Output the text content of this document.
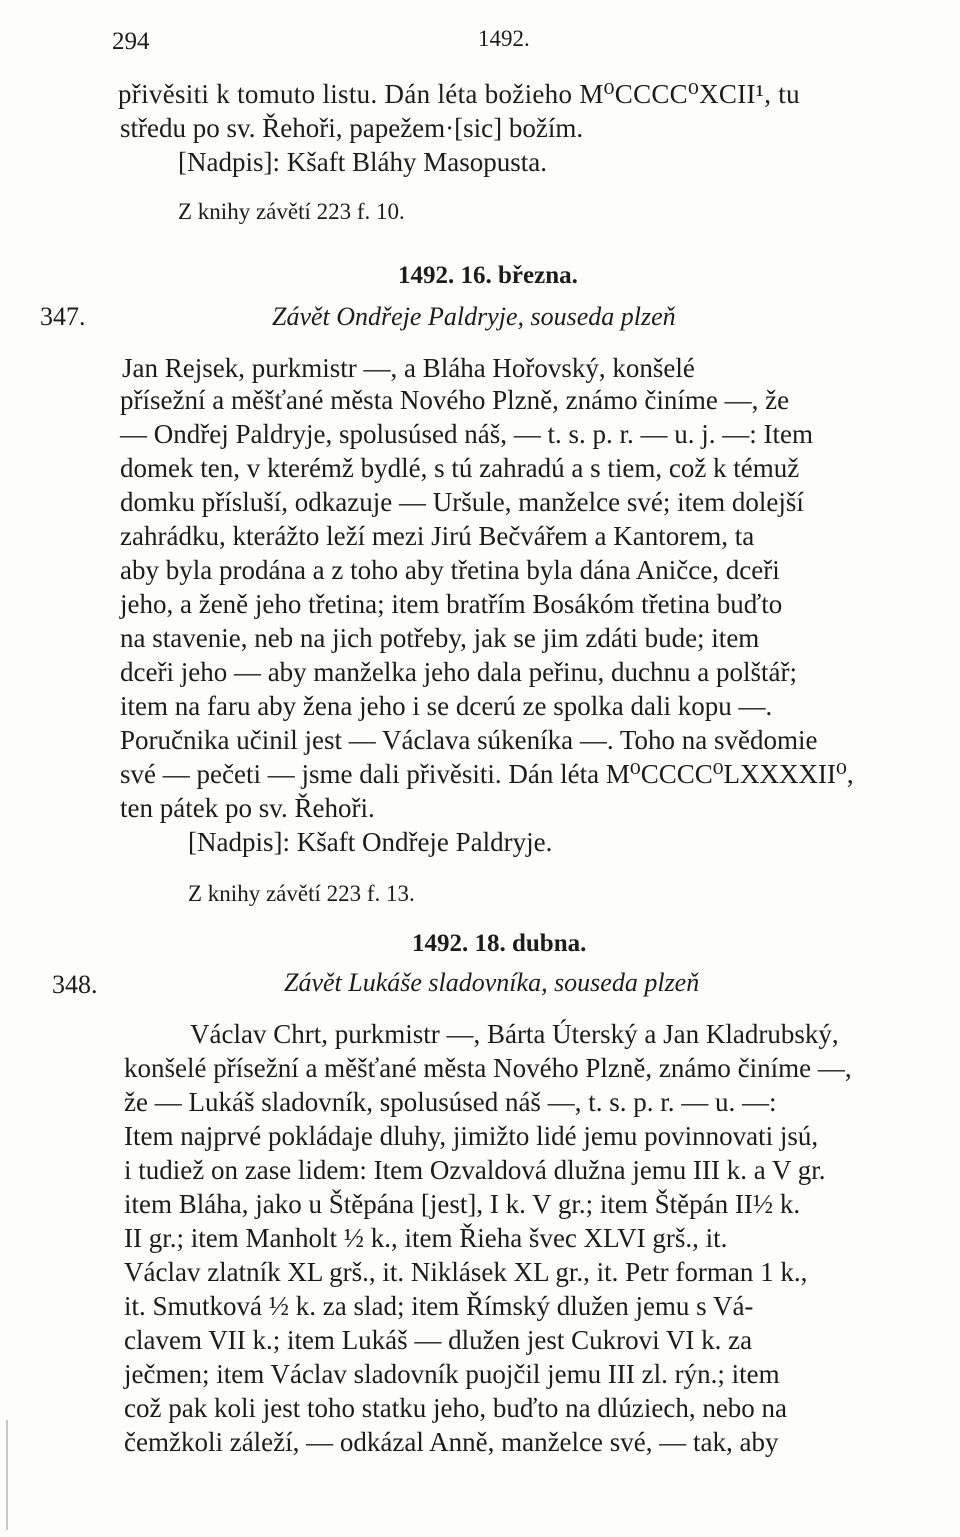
294	1492.
přivěsiti k tomuto listu. Dán léta božieho M⁰CCCC⁰XCII¹, tu
středu po sv. Řehoři, papežem·[sic] božím.
[Nadpis]: Kšaft Bláhy Masopusta.
Z knihy závětí 223 f. 10.
1492. 16. března.
347.	Závět Ondřeje Paldryje, souseda plzeň
Jan Rejsek, purkmistr —, a Bláha Hořovský, konšelé
přísežní a měšťané města Nového Plzně, známo činíme —, že
— Ondřej Paldryje, spolusúsed náš, — t. s. p. r. — u. j. —: Item
domek ten, v kterémž bydlé, s tú zahradú a s tiem, což k témuž
domku přísluší, odkazuje — Uršule, manželce své; item dolejší
zahrádku, kterážto leží mezi Jirú Bečvářem a Kantorem, ta
aby byla prodána a z toho aby třetina byla dána Aničce, dceři
jeho, a ženě jeho třetina; item bratřím Bosákóm třetina buďto
na stavenie, neb na jich potřeby, jak se jim zdáti bude; item
dceři jeho — aby manželka jeho dala peřinu, duchnu a polštář;
item na faru aby žena jeho i se dcerú ze spolka dali kopu —.
Poručnika učinil jest — Václava súkeníka —. Toho na svědomie
své — pečeti — jsme dali přivěsiti. Dán léta M⁰CCCC⁰LXXXXII⁰,
ten pátek po sv. Řehoři.
[Nadpis]: Kšaft Ondřeje Paldryje.
Z knihy závětí 223 f. 13.
1492. 18. dubna.
348.	Závět Lukáše sladovníka, souseda plzeň
Václav Chrt, purkmistr —, Bárta Úterský a Jan Kladrubský,
konšelé přísežní a měšťané města Nového Plzně, známo činíme —,
že — Lukáš sladovník, spolusúsed náš —, t. s. p. r. — u. —:
Item najprvé pokládaje dluhy, jimižto lidé jemu povinnovati jsú,
i tudiež on zase lidem: Item Ozvaldová dlužna jemu III k. a V gr.
item Bláha, jako u Štěpána [jest], I k. V gr.; item Štěpán II½ k.
II gr.; item Manholt ½ k., item Řieha švec XLVI grš., it.
Václav zlatník XL grš., it. Niklásek XL gr., it. Petr forman 1 k.,
it. Smutková ½ k. za slad; item Římský dlužen jemu s Vá-
clavem VII k.; item Lukáš — dlužen jest Cukrovi VI k. za
ječmen; item Václav sladovník puojčil jemu III zl. rýn.; item
což pak koli jest toho statku jeho, buďto na dlúziech, nebo na
čemžkoli záleží, — odkázal Anně, manželce své, — tak, aby
